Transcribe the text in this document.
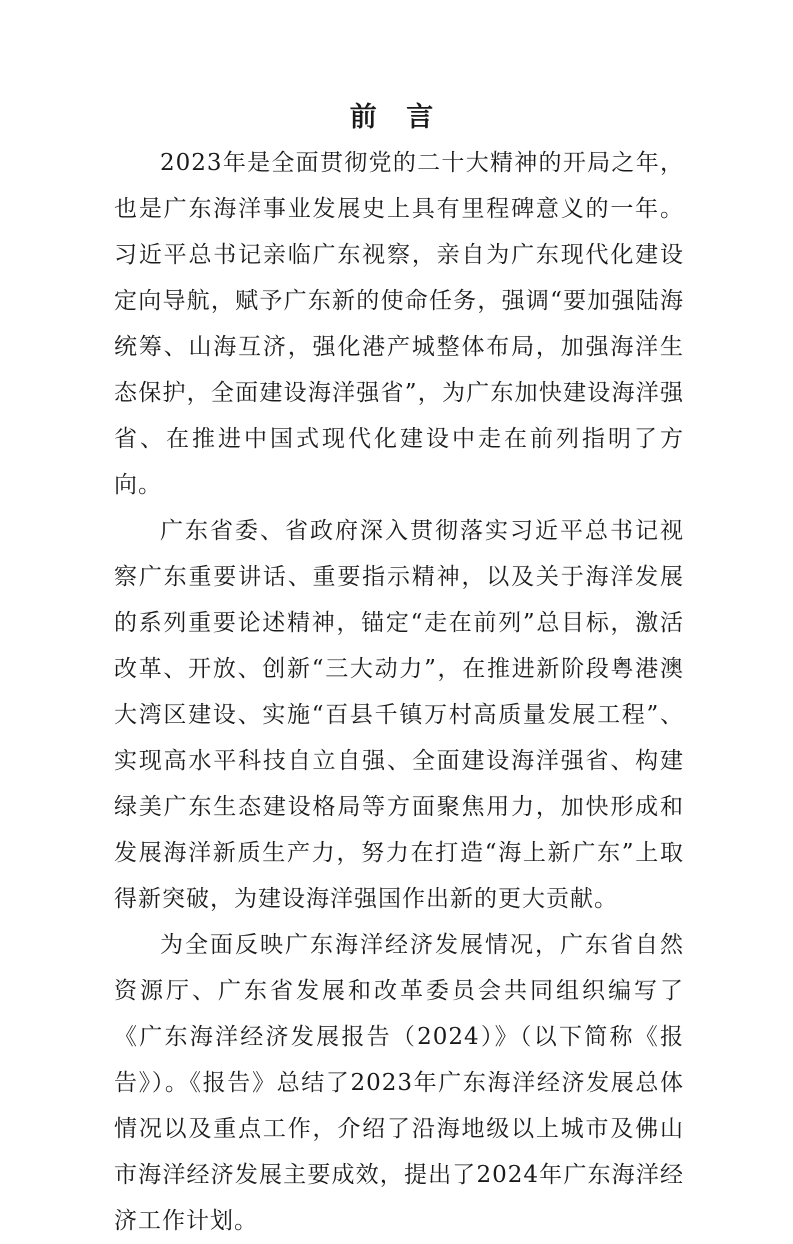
前 言

2023年是全面贯彻党的二十大精神的开局之年，也是广东海洋事业发展史上具有里程碑意义的一年。习近平总书记亲临广东视察，亲自为广东现代化建设定向导航，赋予广东新的使命任务，强调“要加强陆海统筹、山海互济，强化港产城整体布局，加强海洋生态保护，全面建设海洋强省”，为广东加快建设海洋强省、在推进中国式现代化建设中走在前列指明了方向。

广东省委、省政府深入贯彻落实习近平总书记视察广东重要讲话、重要指示精神，以及关于海洋发展的系列重要论述精神，锚定“走在前列”总目标，激活改革、开放、创新“三大动力”，在推进新阶段粤港澳大湾区建设、实施“百县千镇万村高质量发展工程”、实现高水平科技自立自强、全面建设海洋强省、构建绿美广东生态建设格局等方面聚焦用力，加快形成和发展海洋新质生产力，努力在打造“海上新广东”上取得新突破，为建设海洋强国作出新的更大贡献。

为全面反映广东海洋经济发展情况，广东省自然资源厅、广东省发展和改革委员会共同组织编写了《广东海洋经济发展报告（2024）》（以下简称《报告》）。《报告》总结了2023年广东海洋经济发展总体情况以及重点工作，介绍了沿海地级以上城市及佛山市海洋经济发展主要成效，提出了2024年广东海洋经济工作计划。
